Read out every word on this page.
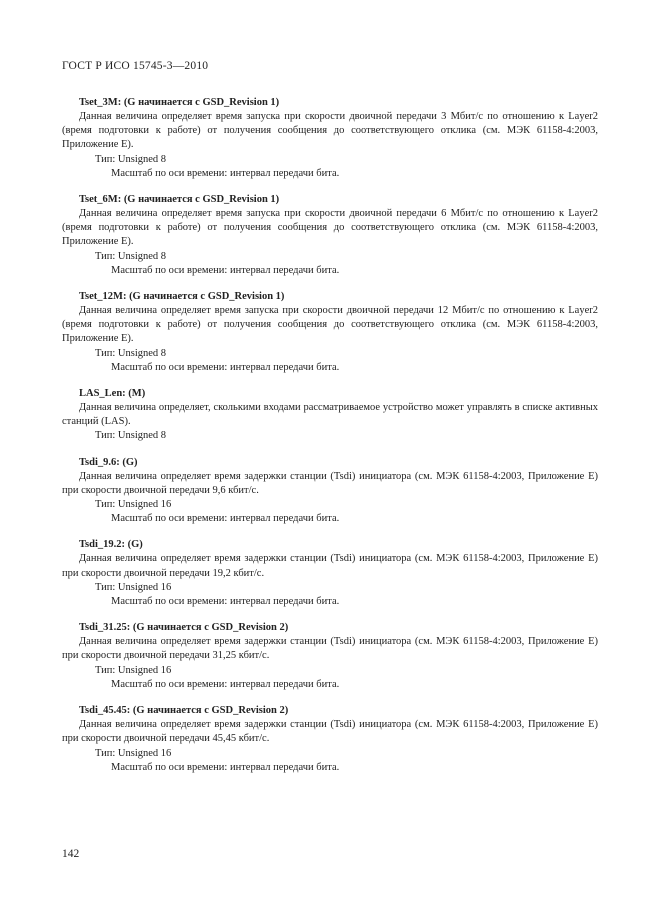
ГОСТ Р ИСО 15745-3—2010
Tset_3M: (G начинается с GSD_Revision 1)

Данная величина определяет время запуска при скорости двоичной передачи 3 Мбит/с по отношению к Layer2 (время подготовки к работе) от получения сообщения до соответствующего отклика (см. МЭК 61158-4:2003, Приложение Е).

Тип: Unsigned 8
Масштаб по оси времени: интервал передачи бита.
Tset_6M: (G начинается с GSD_Revision 1)

Данная величина определяет время запуска при скорости двоичной передачи 6 Мбит/с по отношению к Layer2 (время подготовки к работе) от получения сообщения до соответствующего отклика (см. МЭК 61158-4:2003, Приложение Е).

Тип: Unsigned 8
Масштаб по оси времени: интервал передачи бита.
Tset_12M: (G начинается с GSD_Revision 1)

Данная величина определяет время запуска при скорости двоичной передачи 12 Мбит/с по отношению к Layer2 (время подготовки к работе) от получения сообщения до соответствующего отклика (см. МЭК 61158-4:2003, Приложение Е).

Тип: Unsigned 8
Масштаб по оси времени: интервал передачи бита.
LAS_Len: (M)

Данная величина определяет, сколькими входами рассматриваемое устройство может управлять в списке активных станций (LAS).

Тип: Unsigned 8
Tsdi_9.6: (G)

Данная величина определяет время задержки станции (Tsdi) инициатора (см. МЭК 61158-4:2003, Приложение Е) при скорости двоичной передачи 9,6 кбит/с.

Тип: Unsigned 16
Масштаб по оси времени: интервал передачи бита.
Tsdi_19.2: (G)

Данная величина определяет время задержки станции (Tsdi) инициатора (см. МЭК 61158-4:2003, Приложение Е) при скорости двоичной передачи 19,2 кбит/с.

Тип: Unsigned 16
Масштаб по оси времени: интервал передачи бита.
Tsdi_31.25: (G начинается с GSD_Revision 2)

Данная величина определяет время задержки станции (Tsdi) инициатора (см. МЭК 61158-4:2003, Приложение Е) при скорости двоичной передачи 31,25 кбит/с.

Тип: Unsigned 16
Масштаб по оси времени: интервал передачи бита.
Tsdi_45.45: (G начинается с GSD_Revision 2)

Данная величина определяет время задержки станции (Tsdi) инициатора (см. МЭК 61158-4:2003, Приложение Е) при скорости двоичной передачи 45,45 кбит/с.

Тип: Unsigned 16
Масштаб по оси времени: интервал передачи бита.
142
